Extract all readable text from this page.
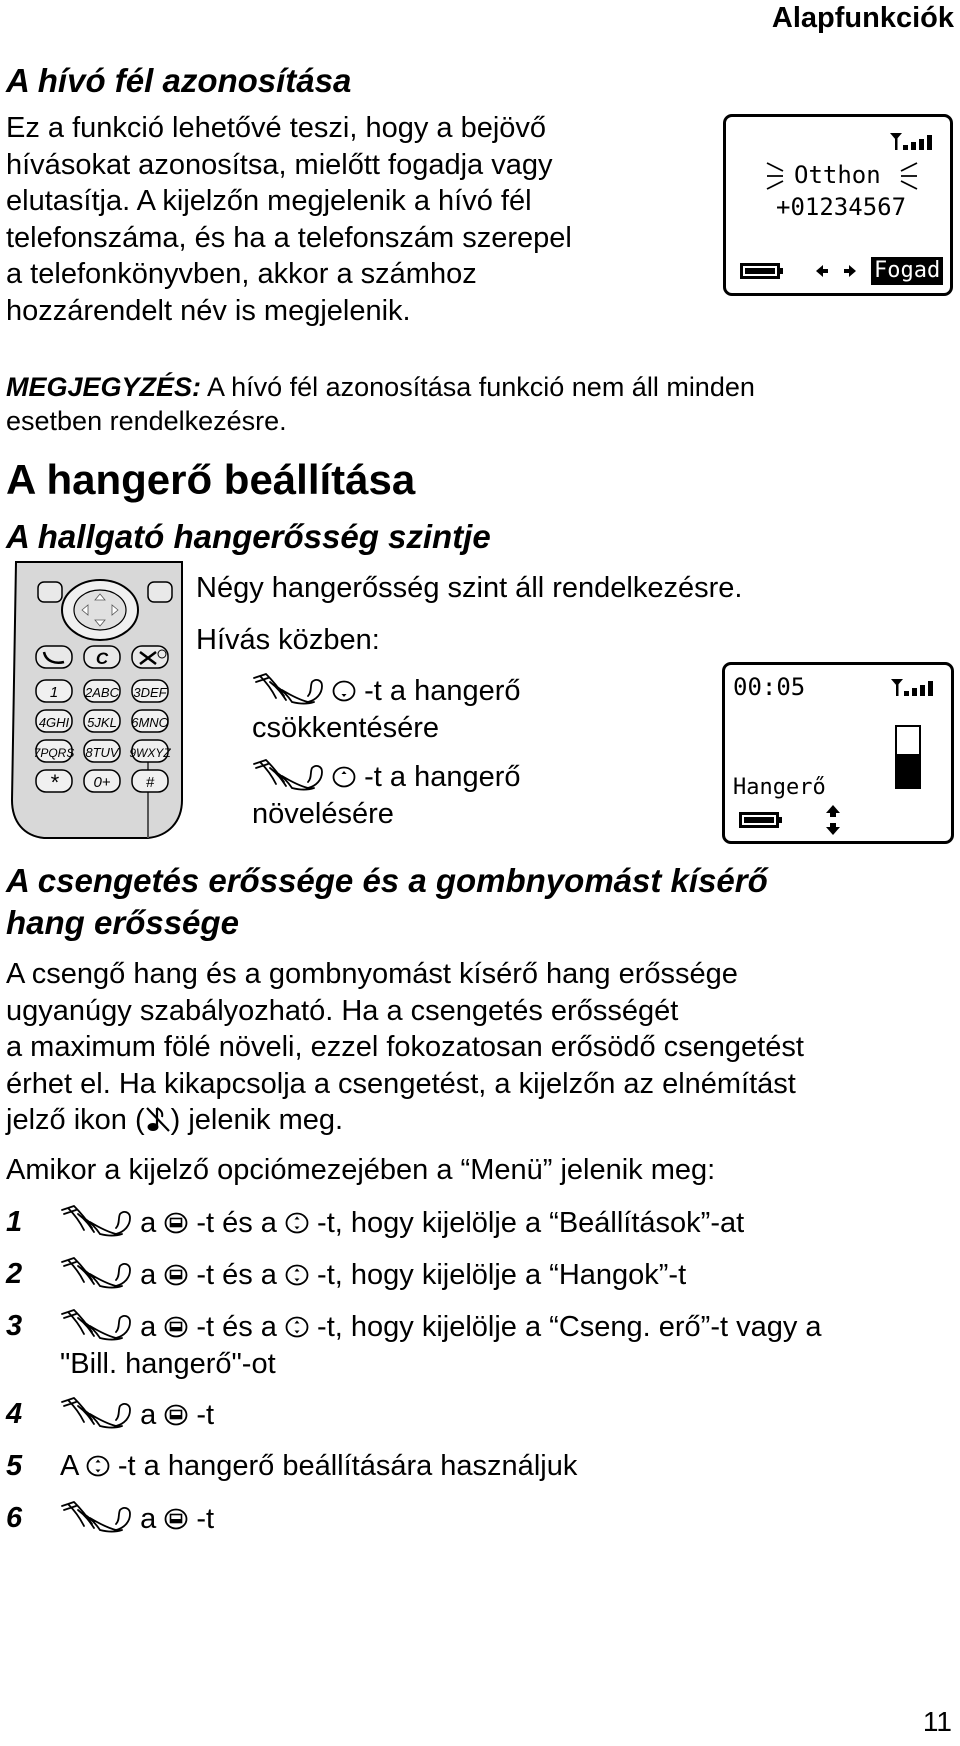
Alapfunkciók
A hívó fél azonosítása
Ez a funkció lehetővé teszi, hogy a bejövő
hívásokat azonosítsa, mielőtt fogadja vagy
elutasítja. A kijelzőn megjelenik a hívó fél
telefonszáma, és ha a telefonszám szerepel
a telefonkönyvben, akkor a számhoz
hozzárendelt név is megjelenik.
Otthon
+01234567
Fogad
MEGJEGYZÉS: A hívó fél azonosítása funkció nem áll minden
esetben rendelkezésre.
A hangerő beállítása
A hallgató hangerősség szintje
C
1 2ABC 3DEF
4GHI 5JKL 6MNO
7PQRS 8TUV 9WXYZ
* 0+ #
Négy hangerősség szint áll rendelkezésre.
Hívás közben:
-t a hangerő
csökkentésére
-t a hangerő
növelésére
00:05
Hangerő
A csengetés erőssége és a gombnyomást kísérő
hang erőssége
A csengő hang és a gombnyomást kísérő hang erőssége
ugyanúgy szabályozható. Ha a csengetés erősségét
a maximum fölé növeli, ezzel fokozatosan erősödő csengetést
érhet el. Ha kikapcsolja a csengetést, a kijelzőn az elnémítást
jelző ikon ( ) jelenik meg.
Amikor a kijelző opciómezejében a “Menü” jelenik meg:
1	a -t és a -t, hogy kijelölje a “Beállítások”-at
2	a -t és a -t, hogy kijelölje a “Hangok”-t
3	a -t és a -t, hogy kijelölje a “Cseng. erő”-t vagy a
"Bill. hangerő"-ot
4	a -t
5 A -t a hangerő beállítására használjuk
6	a -t
11
